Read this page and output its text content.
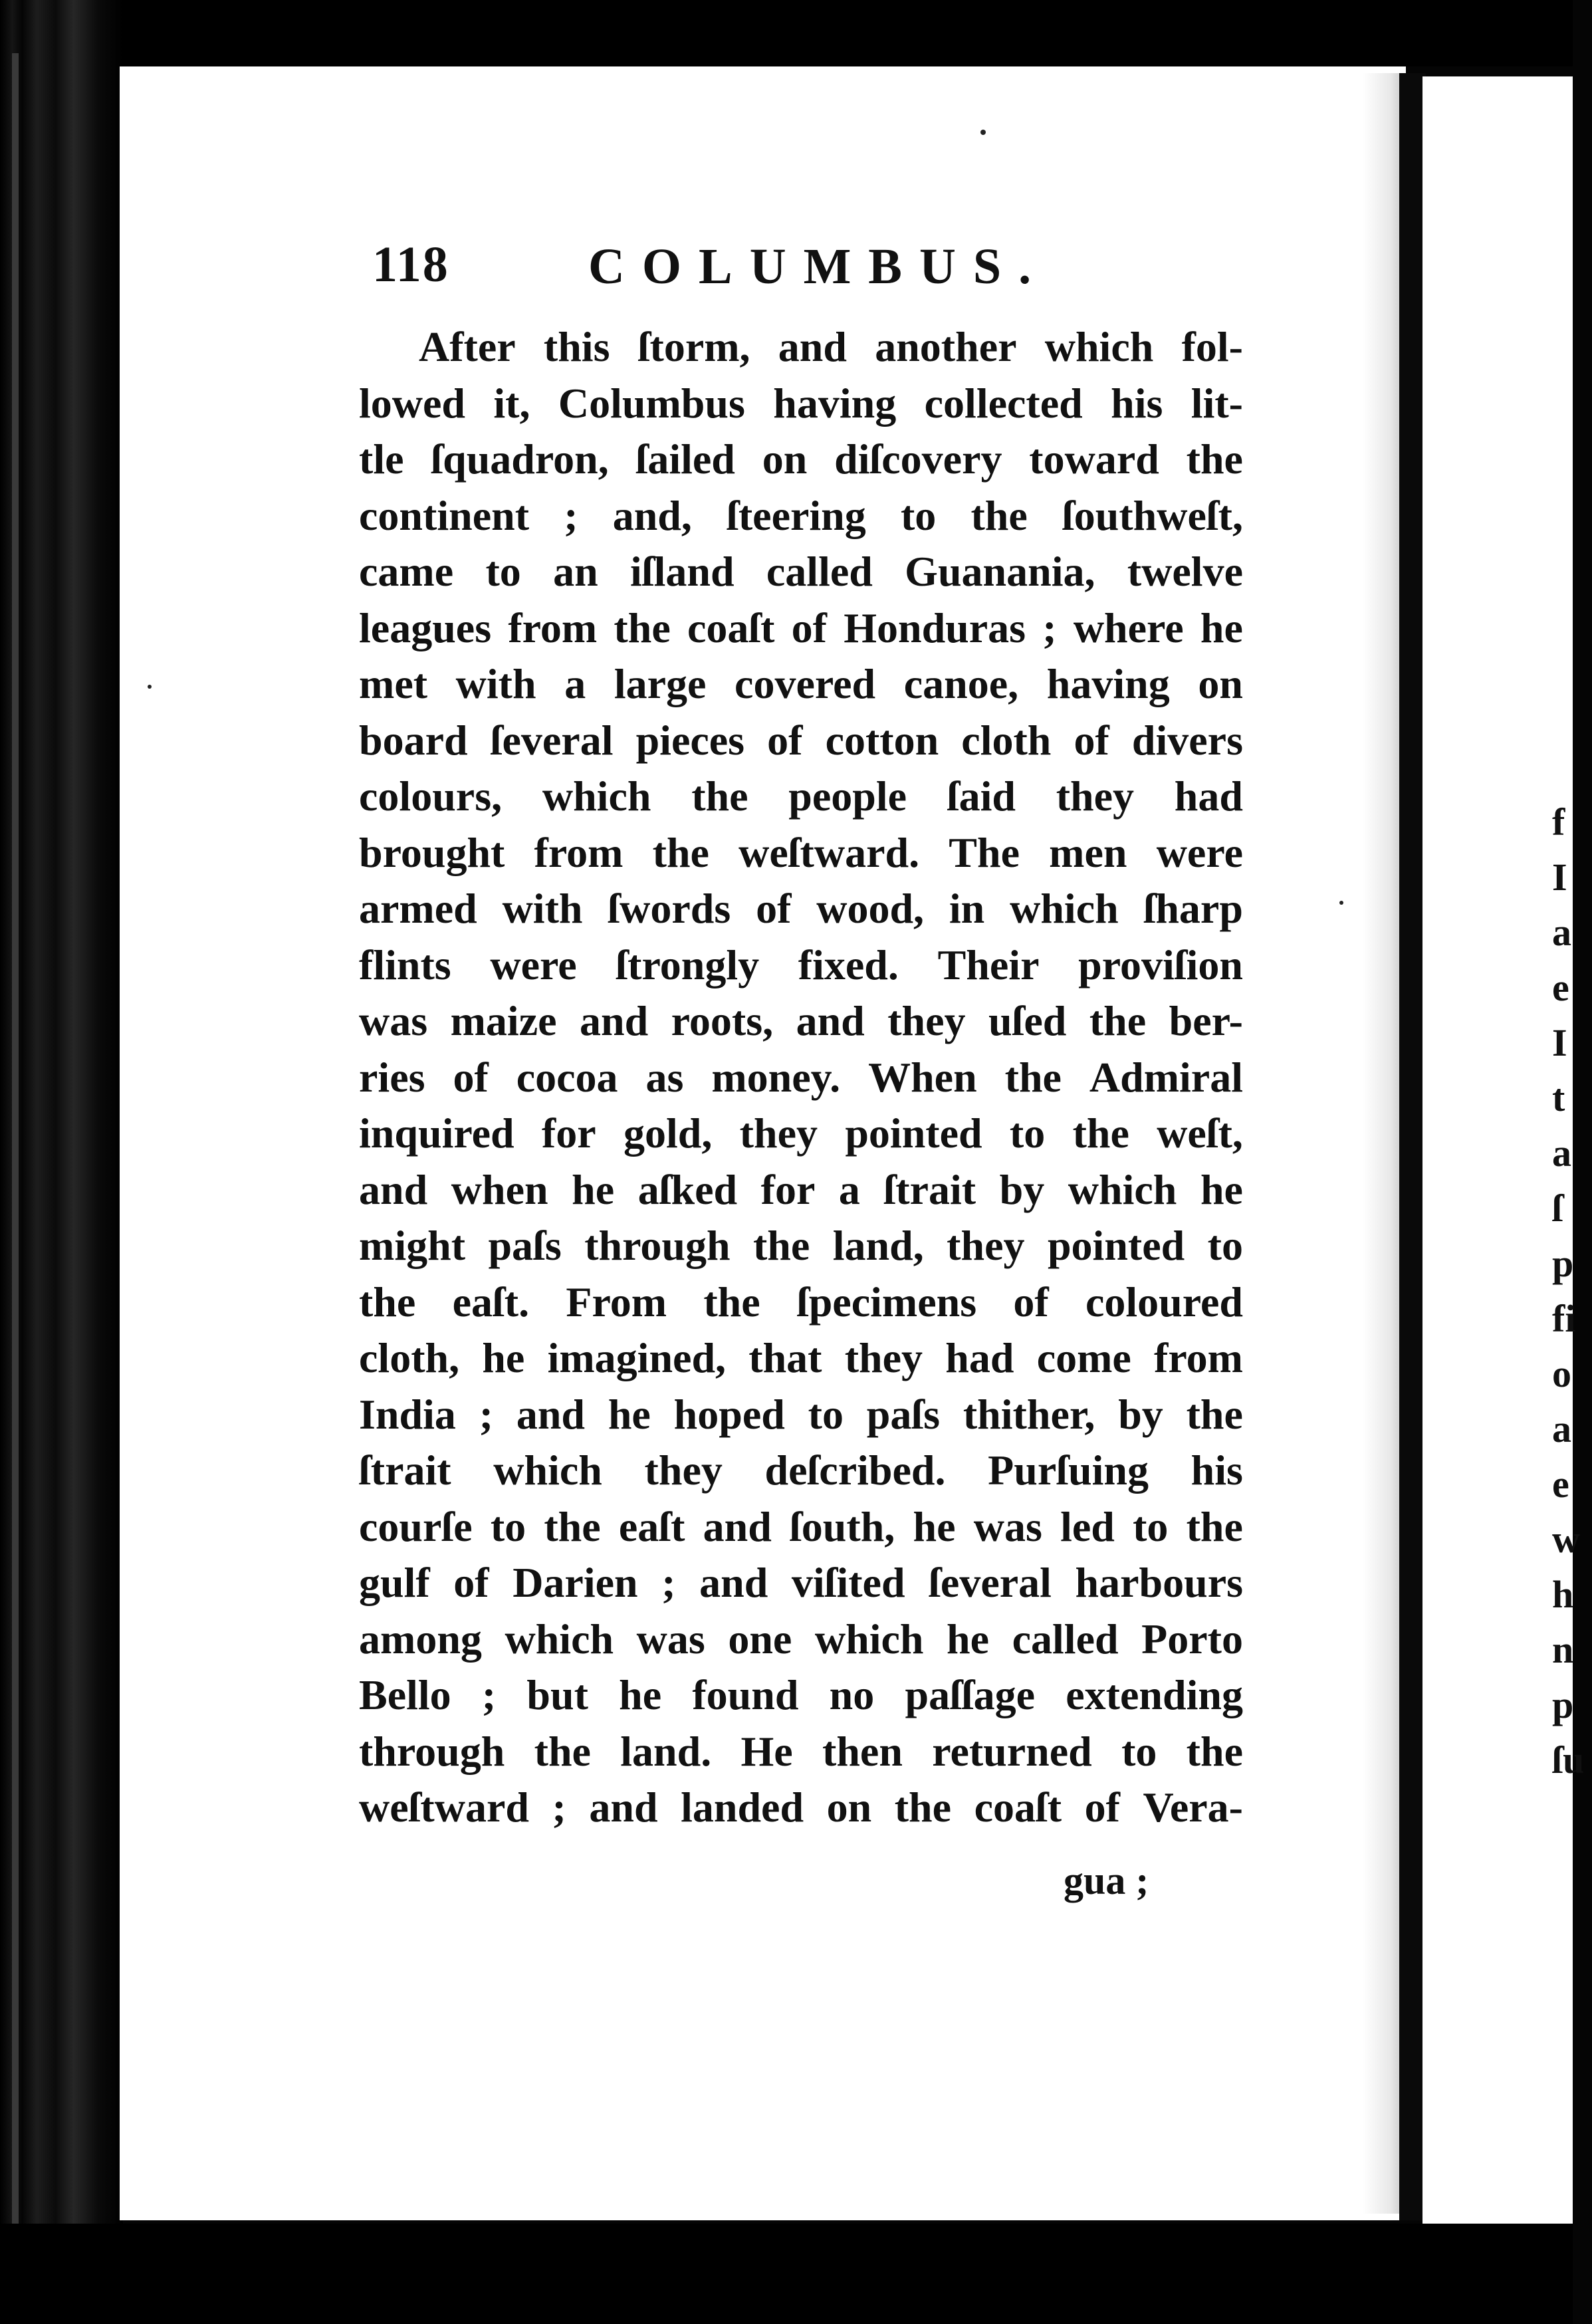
f
I
a
e
I
t
a
ſ
p
fi
o
a
e
w
h
n
p
ſu
118	COLUMBUS.
After this ſtorm, and another which fol-
lowed it, Columbus having collected his lit-
tle ſquadron, ſailed on diſcovery toward the
continent ; and, ſteering to the ſouthweſt,
came to an iſland called Guanania, twelve
leagues from the coaſt of Honduras ; where he
met with a large covered canoe, having on
board ſeveral pieces of cotton cloth of divers
colours, which the people ſaid they had
brought from the weſtward. The men were
armed with ſwords of wood, in which ſharp
flints were ſtrongly fixed. Their proviſion
was maize and roots, and they uſed the ber-
ries of cocoa as money. When the Admiral
inquired for gold, they pointed to the weſt,
and when he aſked for a ſtrait by which he
might paſs through the land, they pointed to
the eaſt. From the ſpecimens of coloured
cloth, he imagined, that they had come from
India ; and he hoped to paſs thither, by the
ſtrait which they deſcribed. Purſuing his
courſe to the eaſt and ſouth, he was led to the
gulf of Darien ; and viſited ſeveral harbours
among which was one which he called Porto
Bello ; but he found no paſſage extending
through the land. He then returned to the
weſtward ; and landed on the coaſt of Vera-
gua ;
